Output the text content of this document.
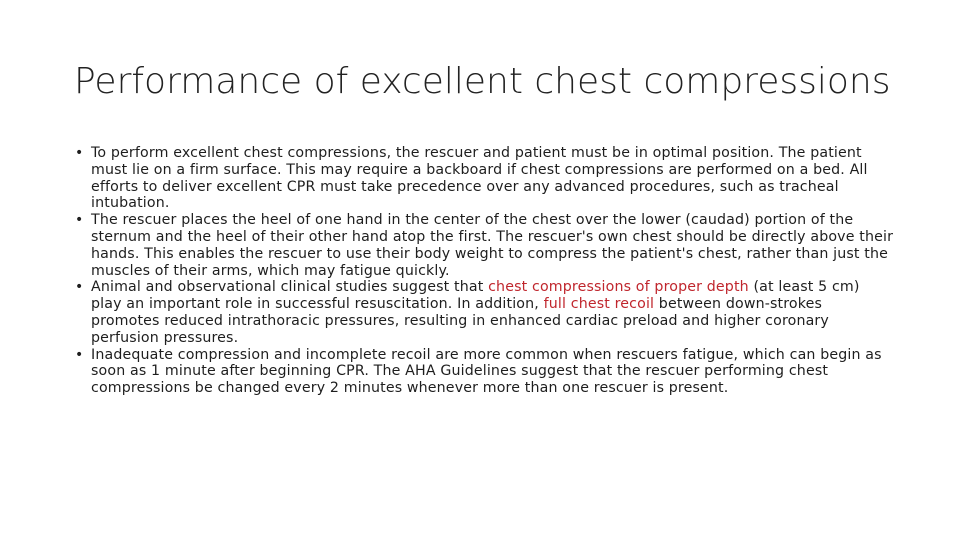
Performance of excellent chest compressions
• To perform excellent chest compressions, the rescuer and patient must be in optimal position. The patient must lie on a firm surface. This may require a backboard if chest compressions are performed on a bed. All efforts to deliver excellent CPR must take precedence over any advanced procedures, such as tracheal intubation.
• The rescuer places the heel of one hand in the center of the chest over the lower (caudad) portion of the sternum and the heel of their other hand atop the first. The rescuer's own chest should be directly above their hands. This enables the rescuer to use their body weight to compress the patient's chest, rather than just the muscles of their arms, which may fatigue quickly.
• Animal and observational clinical studies suggest that chest compressions of proper depth (at least 5 cm) play an important role in successful resuscitation. In addition, full chest recoil between down-strokes promotes reduced intrathoracic pressures, resulting in enhanced cardiac preload and higher coronary perfusion pressures.
• Inadequate compression and incomplete recoil are more common when rescuers fatigue, which can begin as soon as 1 minute after beginning CPR. The AHA Guidelines suggest that the rescuer performing chest compressions be changed every 2 minutes whenever more than one rescuer is present.
